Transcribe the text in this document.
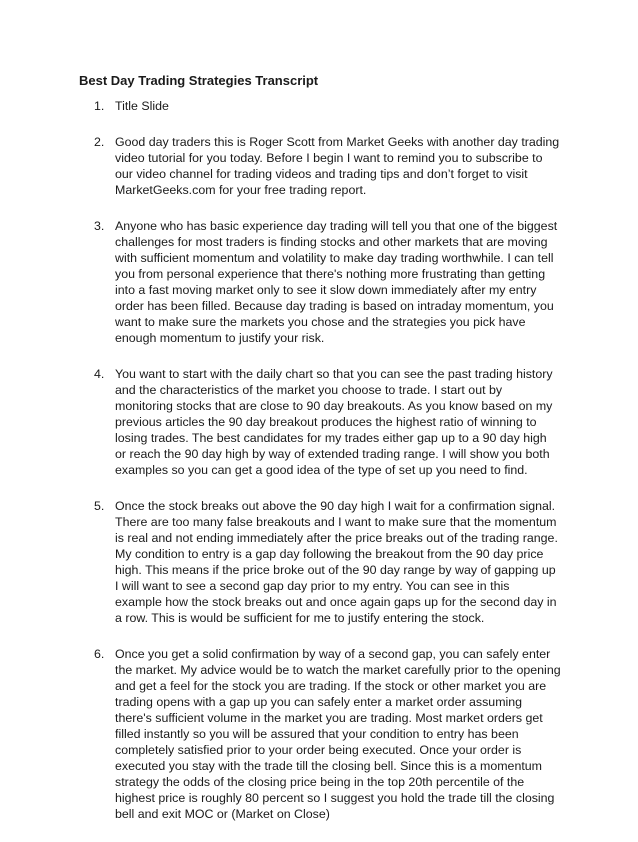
Best Day Trading Strategies Transcript
1. Title Slide
2. Good day traders this is Roger Scott from Market Geeks with another day trading
video tutorial for you today. Before I begin I want to remind you to subscribe to
our video channel for trading videos and trading tips and don’t forget to visit
MarketGeeks.com for your free trading report.
3. Anyone who has basic experience day trading will tell you that one of the biggest
challenges for most traders is finding stocks and other markets that are moving
with sufficient momentum and volatility to make day trading worthwhile. I can tell
you from personal experience that there's nothing more frustrating than getting
into a fast moving market only to see it slow down immediately after my entry
order has been filled. Because day trading is based on intraday momentum, you
want to make sure the markets you chose and the strategies you pick have
enough momentum to justify your risk.
4. You want to start with the daily chart so that you can see the past trading history
and the characteristics of the market you choose to trade. I start out by
monitoring stocks that are close to 90 day breakouts. As you know based on my
previous articles the 90 day breakout produces the highest ratio of winning to
losing trades. The best candidates for my trades either gap up to a 90 day high
or reach the 90 day high by way of extended trading range. I will show you both
examples so you can get a good idea of the type of set up you need to find.
5. Once the stock breaks out above the 90 day high I wait for a confirmation signal.
There are too many false breakouts and I want to make sure that the momentum
is real and not ending immediately after the price breaks out of the trading range.
My condition to entry is a gap day following the breakout from the 90 day price
high. This means if the price broke out of the 90 day range by way of gapping up
I will want to see a second gap day prior to my entry. You can see in this
example how the stock breaks out and once again gaps up for the second day in
a row. This is would be sufficient for me to justify entering the stock.
6. Once you get a solid confirmation by way of a second gap, you can safely enter
the market. My advice would be to watch the market carefully prior to the opening
and get a feel for the stock you are trading. If the stock or other market you are
trading opens with a gap up you can safely enter a market order assuming
there's sufficient volume in the market you are trading. Most market orders get
filled instantly so you will be assured that your condition to entry has been
completely satisfied prior to your order being executed. Once your order is
executed you stay with the trade till the closing bell. Since this is a momentum
strategy the odds of the closing price being in the top 20th percentile of the
highest price is roughly 80 percent so I suggest you hold the trade till the closing
bell and exit MOC or (Market on Close)
